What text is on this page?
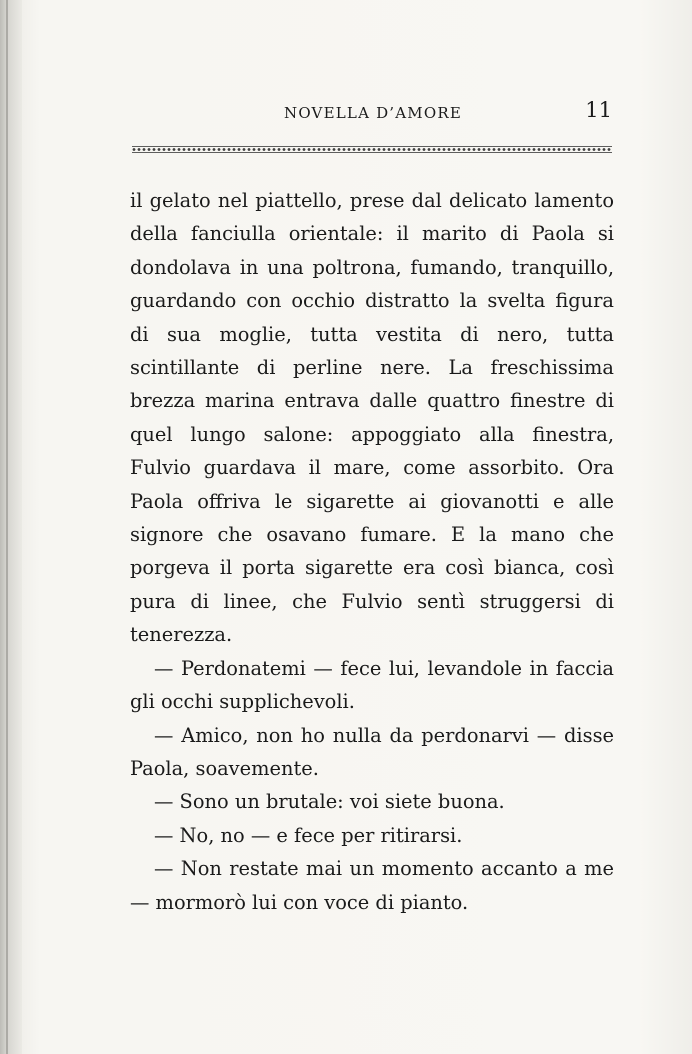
NOVELLA D’AMORE	11

il gelato nel piattello, prese dal delicato lamento della fanciulla orientale: il marito di Paola si dondolava in una poltrona, fumando, tranquillo, guardando con occhio distratto la svelta figura di sua moglie, tutta vestita di nero, tutta scintillante di perline nere. La freschissima brezza marina entrava dalle quattro finestre di quel lungo salone: appoggiato alla finestra, Fulvio guardava il mare, come assorbito. Ora Paola offriva le sigarette ai giovanotti e alle signore che osavano fumare. E la mano che porgeva il porta sigarette era così bianca, così pura di linee, che Fulvio sentì struggersi di tenerezza.

— Perdonatemi — fece lui, levandole in faccia gli occhi supplichevoli.

— Amico, non ho nulla da perdonarvi — disse Paola, soavemente.

— Sono un brutale: voi siete buona.

— No, no — e fece per ritirarsi.

— Non restate mai un momento accanto a me — mormorò lui con voce di pianto.
